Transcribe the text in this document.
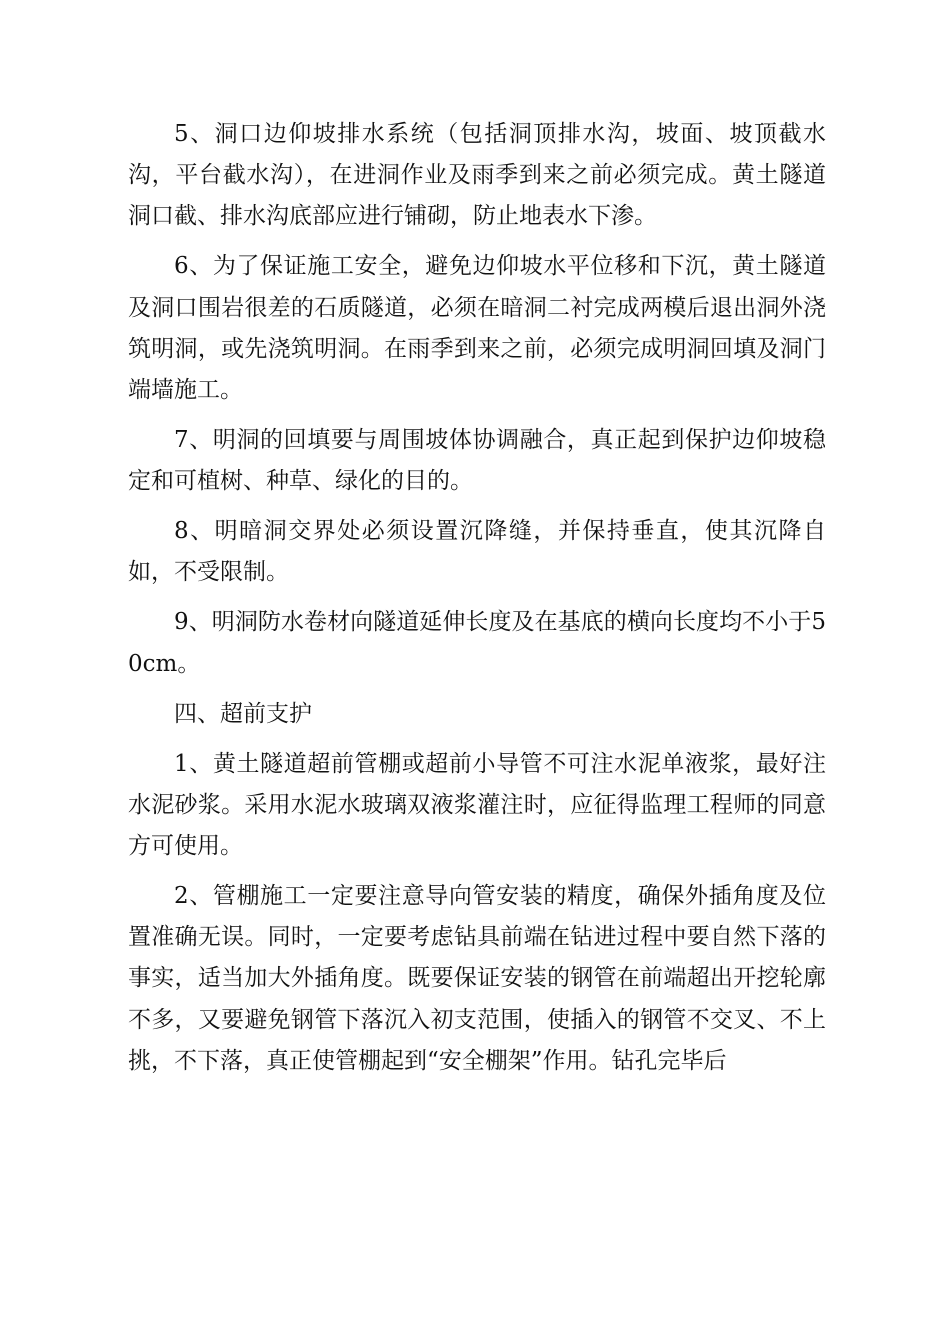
5、洞口边仰坡排水系统（包括洞顶排水沟，坡面、坡顶截水沟，平台截水沟），在进洞作业及雨季到来之前必须完成。黄土隧道洞口截、排水沟底部应进行铺砌，防止地表水下渗。

6、为了保证施工安全，避免边仰坡水平位移和下沉，黄土隧道及洞口围岩很差的石质隧道，必须在暗洞二衬完成两模后退出洞外浇筑明洞，或先浇筑明洞。在雨季到来之前，必须完成明洞回填及洞门端墙施工。

7、明洞的回填要与周围坡体协调融合，真正起到保护边仰坡稳定和可植树、种草、绿化的目的。

8、明暗洞交界处必须设置沉降缝，并保持垂直，使其沉降自如，不受限制。

9、明洞防水卷材向隧道延伸长度及在基底的横向长度均不小于50cm。

四、超前支护

1、黄土隧道超前管棚或超前小导管不可注水泥单液浆，最好注水泥砂浆。采用水泥水玻璃双液浆灌注时，应征得监理工程师的同意方可使用。

2、管棚施工一定要注意导向管安装的精度，确保外插角度及位置准确无误。同时，一定要考虑钻具前端在钻进过程中要自然下落的事实，适当加大外插角度。既要保证安装的钢管在前端超出开挖轮廓不多，又要避免钢管下落沉入初支范围，使插入的钢管不交叉、不上挑，不下落，真正使管棚起到“安全棚架”作用。钻孔完毕后
